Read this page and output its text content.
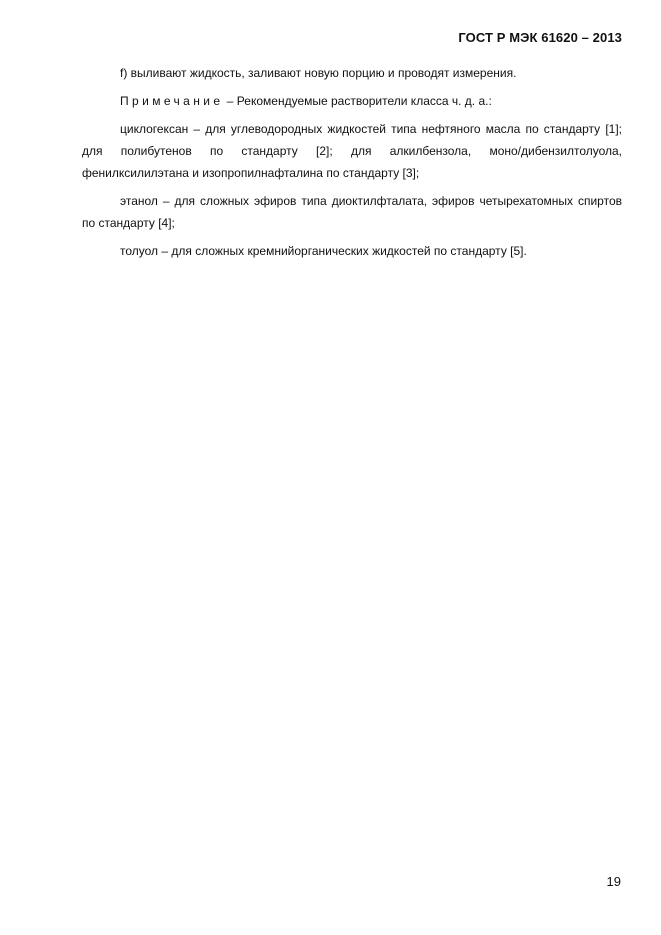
ГОСТ Р МЭК 61620 – 2013

f) выливают жидкость, заливают новую порцию и проводят измерения.

Примечание – Рекомендуемые растворители класса ч. д. а.:

циклогексан – для углеводородных жидкостей типа нефтяного масла по стандарту [1]; для полибутенов по стандарту [2]; для алкилбензола, моно/дибензилтолуола, фенилксилилэтана и изопропилнафталина по стандарту [3];

этанол – для сложных эфиров типа диоктилфталата, эфиров четырехатомных спиртов по стандарту [4];

толуол – для сложных кремнийорганических жидкостей по стандарту [5].

19
